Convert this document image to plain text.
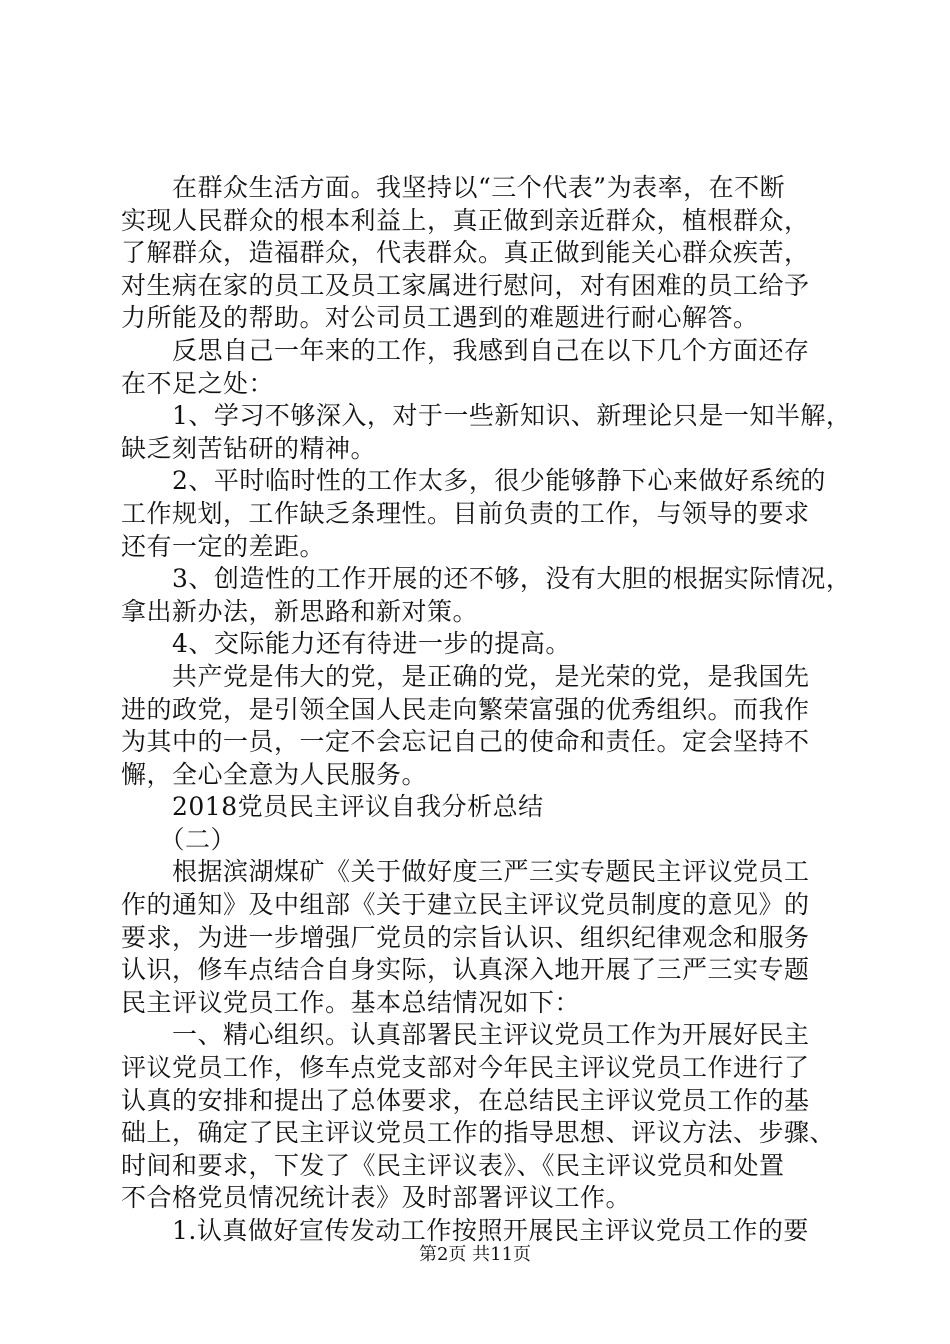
　　在群众生活方面。我坚持以“三个代表”为表率，在不断

实现人民群众的根本利益上，真正做到亲近群众，植根群众，

了解群众，造福群众，代表群众。真正做到能关心群众疾苦，

对生病在家的员工及员工家属进行慰问，对有困难的员工给予

力所能及的帮助。对公司员工遇到的难题进行耐心解答。

　　反思自己一年来的工作，我感到自己在以下几个方面还存

在不足之处：

　　1、学习不够深入，对于一些新知识、新理论只是一知半解，

缺乏刻苦钻研的精神。

　　2、平时临时性的工作太多，很少能够静下心来做好系统的

工作规划，工作缺乏条理性。目前负责的工作，与领导的要求

还有一定的差距。

　　3、创造性的工作开展的还不够，没有大胆的根据实际情况，

拿出新办法，新思路和新对策。

　　4、交际能力还有待进一步的提高。

　　共产党是伟大的党，是正确的党，是光荣的党，是我国先

进的政党，是引领全国人民走向繁荣富强的优秀组织。而我作

为其中的一员，一定不会忘记自己的使命和责任。定会坚持不

懈，全心全意为人民服务。

　　2018党员民主评议自我分析总结

　　（二）

　　根据滨湖煤矿《关于做好度三严三实专题民主评议党员工

作的通知》及中组部《关于建立民主评议党员制度的意见》的

要求，为进一步增强厂党员的宗旨认识、组织纪律观念和服务

认识，修车点结合自身实际，认真深入地开展了三严三实专题

民主评议党员工作。基本总结情况如下：

　　一、精心组织。认真部署民主评议党员工作为开展好民主

评议党员工作，修车点党支部对今年民主评议党员工作进行了

认真的安排和提出了总体要求，在总结民主评议党员工作的基

础上，确定了民主评议党员工作的指导思想、评议方法、步骤、

时间和要求，下发了《民主评议表》、《民主评议党员和处置

不合格党员情况统计表》及时部署评议工作。

　　1.认真做好宣传发动工作按照开展民主评议党员工作的要

第2页 共11页
